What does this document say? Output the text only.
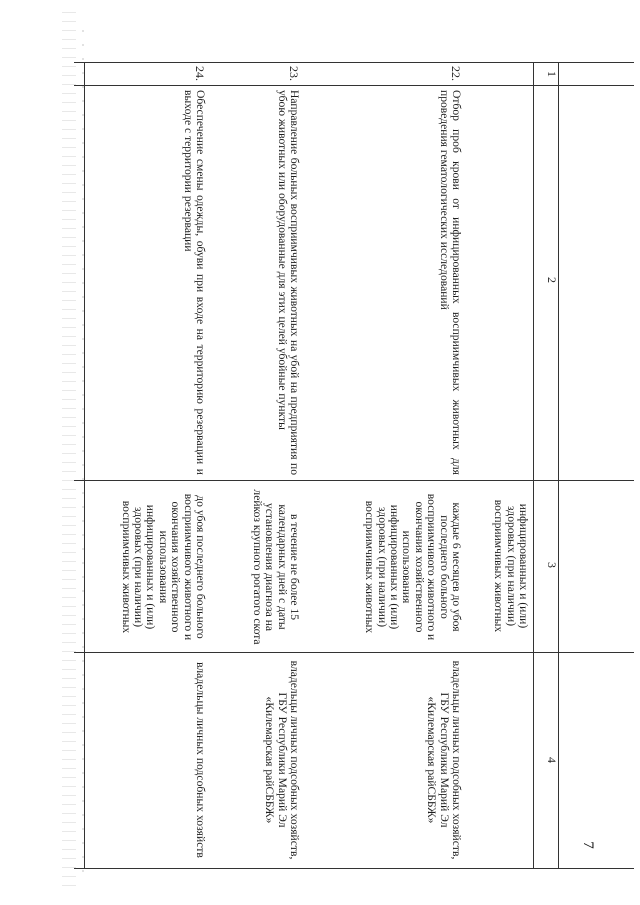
7
1
2
3
4
инфицированных и (или) здоровых (при наличии) восприимчивых животных
22.
Отбор проб крови от инфицированных восприимчивых животных для проведения гематологических исследований
каждые 6 месяцев до убоя последнего больного восприимчивого животного и окончания хозяйственного использования инфицированных и (или) здоровых (при наличии) восприимчивых животных
владельцы личных подсобных хозяйств, ГБУ Республики Марий Эл «Килемарская райСББЖ»
23.
Направление больных восприимчивых животных на убой на предприятия по убою животных или оборудованные для этих целей убойные пункты
в течение не более 15 календарных дней с даты установления диагноза на лейкоз крупного рогатого скота
владельцы личных подсобных хозяйств, ГБУ Республики Марий Эл «Килемарская райСББЖ»
24.
Обеспечение смены одежды, обуви при входе на территорию резервации и выходе с территории резервации
до убоя последнего больного восприимчивого животного и окончания хозяйственного использования инфицированных и (или) здоровых (при наличии) восприимчивых животных
владельцы личных подсобных хозяйств
